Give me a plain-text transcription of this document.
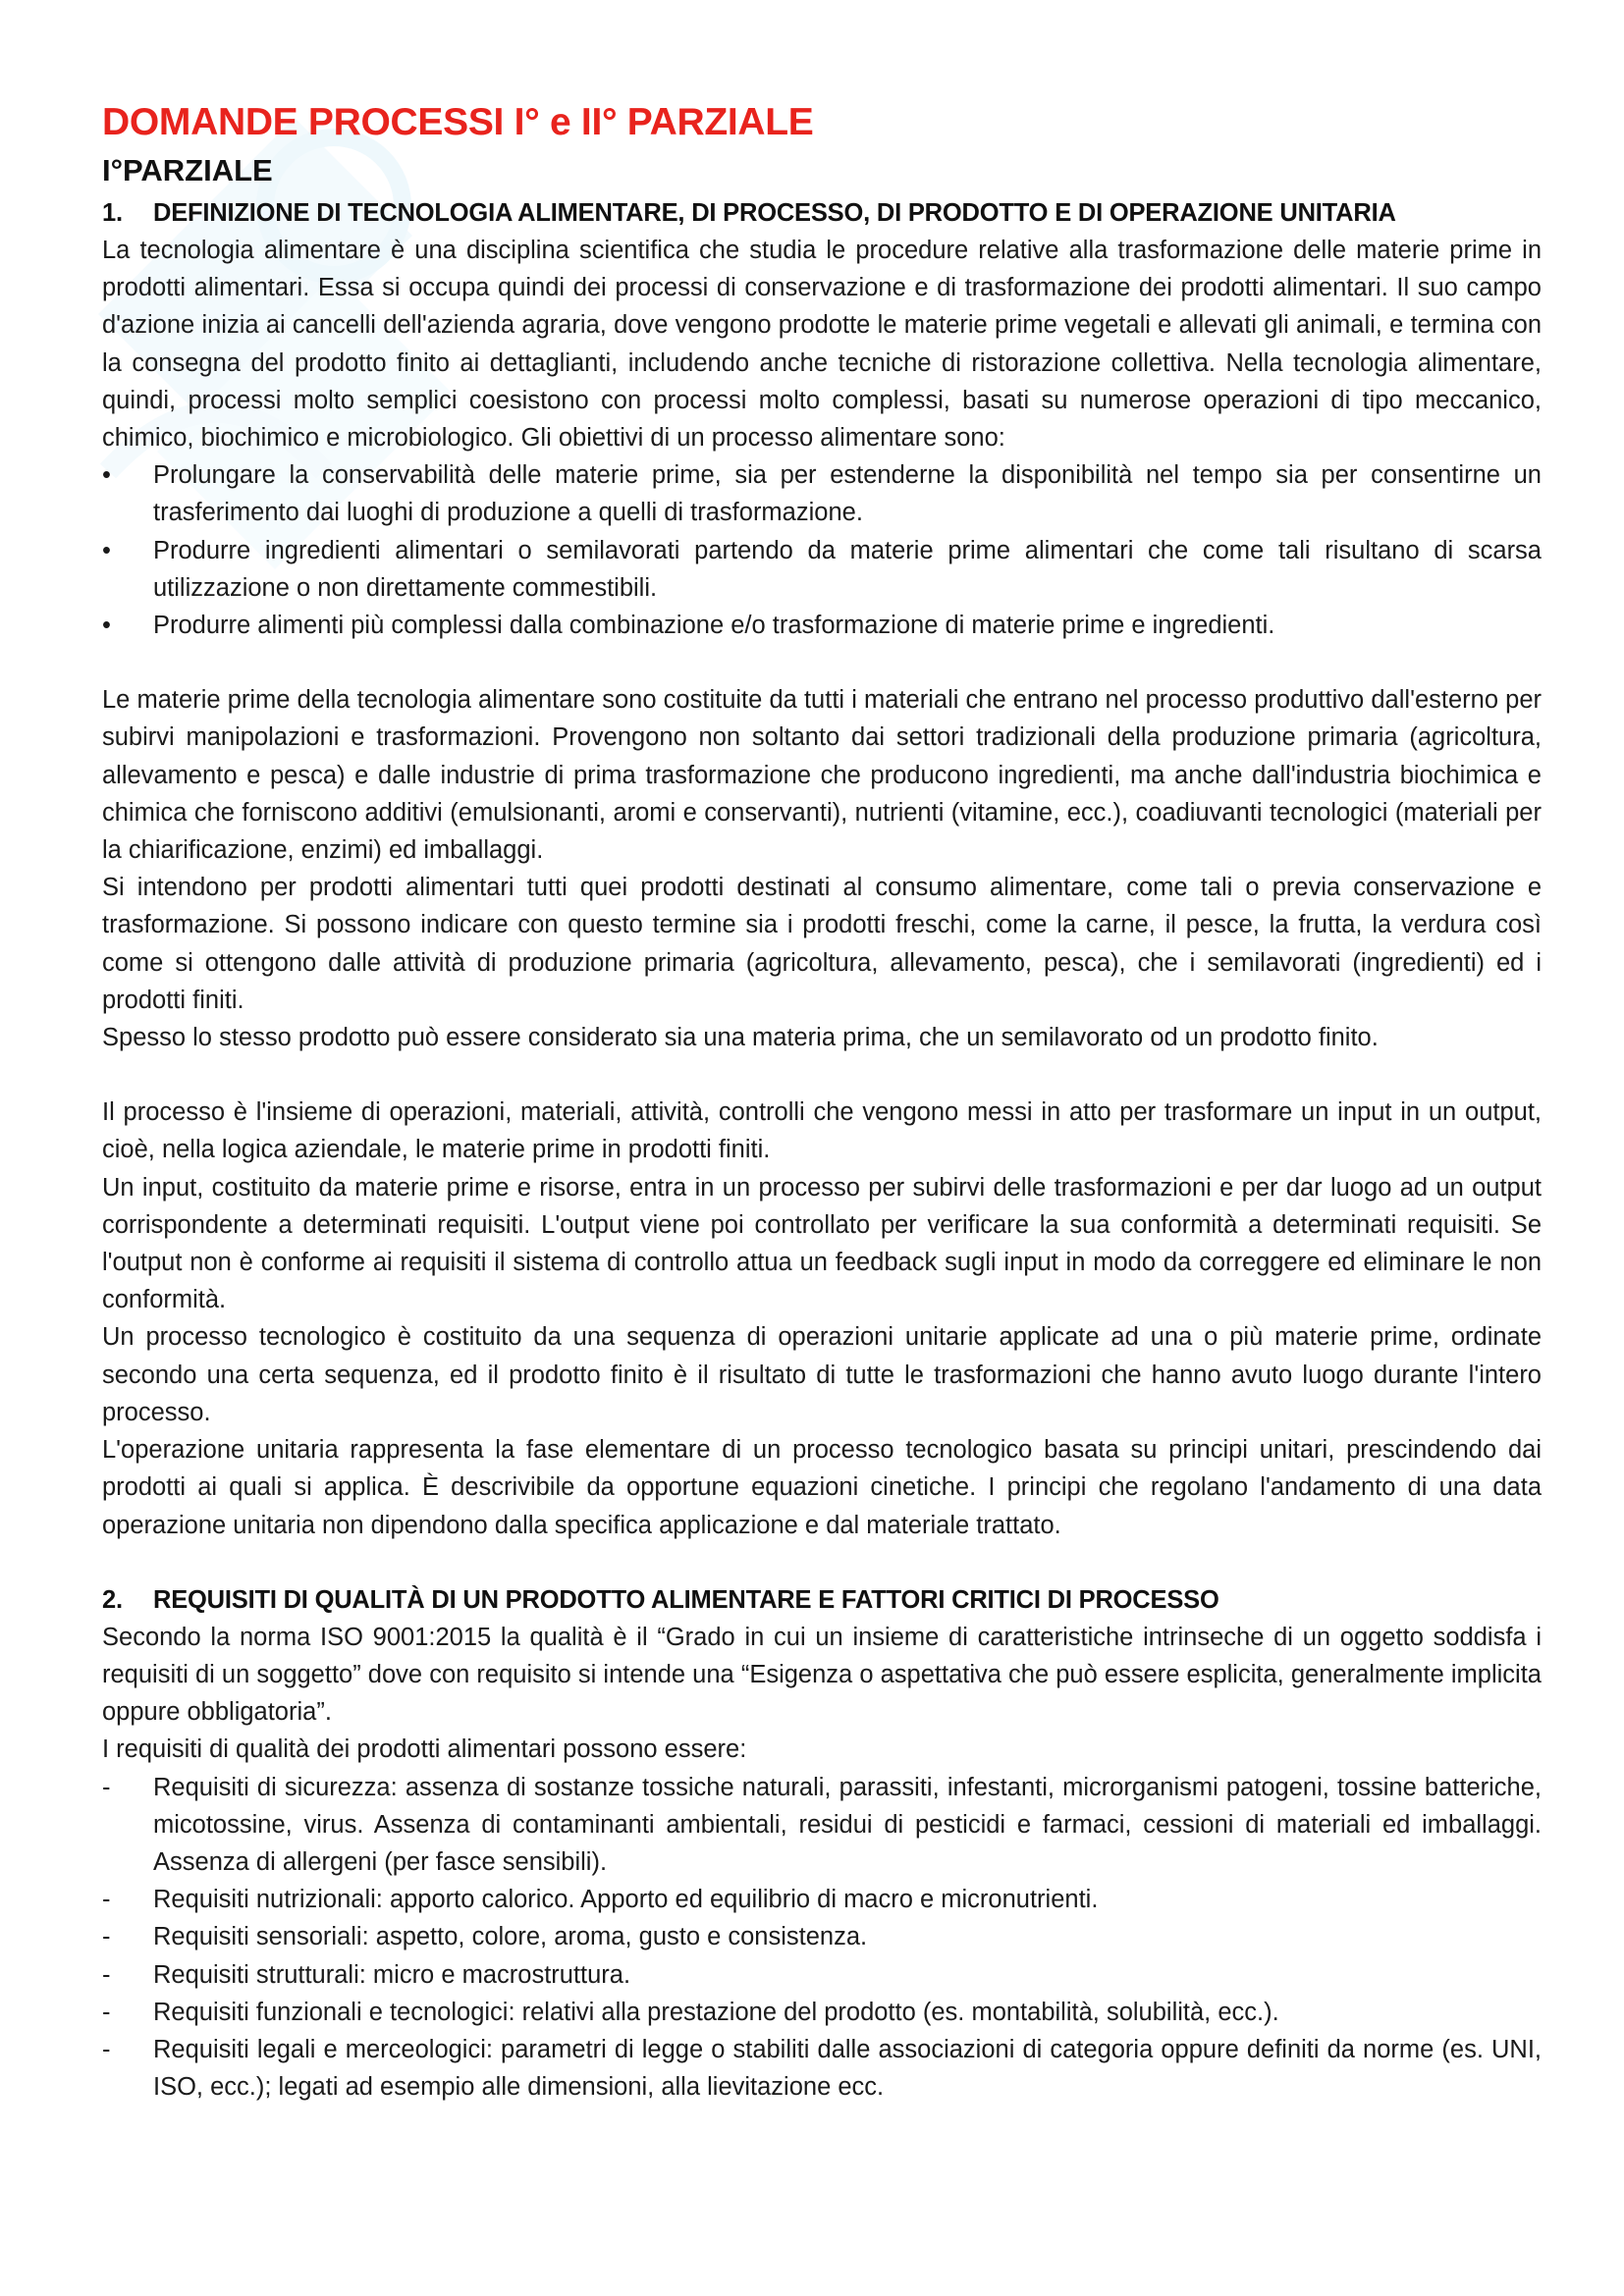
DOMANDE PROCESSI I° e II° PARZIALE
I°PARZIALE
1.	DEFINIZIONE DI TECNOLOGIA ALIMENTARE, DI PROCESSO, DI PRODOTTO E DI OPERAZIONE UNITARIA

La tecnologia alimentare è una disciplina scientifica che studia le procedure relative alla trasformazione delle materie prime in prodotti alimentari. Essa si occupa quindi dei processi di conservazione e di trasformazione dei prodotti alimentari. Il suo campo d'azione inizia ai cancelli dell'azienda agraria, dove vengono prodotte le materie prime vegetali e allevati gli animali, e termina con la consegna del prodotto finito ai dettaglianti, includendo anche tecniche di ristorazione collettiva. Nella tecnologia alimentare, quindi, processi molto semplici coesistono con processi molto complessi, basati su numerose operazioni di tipo meccanico, chimico, biochimico e microbiologico. Gli obiettivi di un processo alimentare sono:

•	Prolungare la conservabilità delle materie prime, sia per estenderne la disponibilità nel tempo sia per consentirne un trasferimento dai luoghi di produzione a quelli di trasformazione.
•	Produrre ingredienti alimentari o semilavorati partendo da materie prime alimentari che come tali risultano di scarsa utilizzazione o non direttamente commestibili.
•	Produrre alimenti più complessi dalla combinazione e/o trasformazione di materie prime e ingredienti.

Le materie prime della tecnologia alimentare sono costituite da tutti i materiali che entrano nel processo produttivo dall'esterno per subirvi manipolazioni e trasformazioni. Provengono non soltanto dai settori tradizionali della produzione primaria (agricoltura, allevamento e pesca) e dalle industrie di prima trasformazione che producono ingredienti, ma anche dall'industria biochimica e chimica che forniscono additivi (emulsionanti, aromi e conservanti), nutrienti (vitamine, ecc.), coadiuvanti tecnologici (materiali per la chiarificazione, enzimi) ed imballaggi.

Si intendono per prodotti alimentari tutti quei prodotti destinati al consumo alimentare, come tali o previa conservazione e trasformazione. Si possono indicare con questo termine sia i prodotti freschi, come la carne, il pesce, la frutta, la verdura così come si ottengono dalle attività di produzione primaria (agricoltura, allevamento, pesca), che i semilavorati (ingredienti) ed i prodotti finiti.

Spesso lo stesso prodotto può essere considerato sia una materia prima, che un semilavorato od un prodotto finito.

Il processo è l'insieme di operazioni, materiali, attività, controlli che vengono messi in atto per trasformare un input in un output, cioè, nella logica aziendale, le materie prime in prodotti finiti.

Un input, costituito da materie prime e risorse, entra in un processo per subirvi delle trasformazioni e per dar luogo ad un output corrispondente a determinati requisiti. L'output viene poi controllato per verificare la sua conformità a determinati requisiti. Se l'output non è conforme ai requisiti il sistema di controllo attua un feedback sugli input in modo da correggere ed eliminare le non conformità.

Un processo tecnologico è costituito da una sequenza di operazioni unitarie applicate ad una o più materie prime, ordinate secondo una certa sequenza, ed il prodotto finito è il risultato di tutte le trasformazioni che hanno avuto luogo durante l'intero processo.

L'operazione unitaria rappresenta la fase elementare di un processo tecnologico basata su principi unitari, prescindendo dai prodotti ai quali si applica. È descrivibile da opportune equazioni cinetiche. I principi che regolano l'andamento di una data operazione unitaria non dipendono dalla specifica applicazione e dal materiale trattato.

2.	REQUISITI DI QUALITÀ DI UN PRODOTTO ALIMENTARE E FATTORI CRITICI DI PROCESSO

Secondo la norma ISO 9001:2015 la qualità è il “Grado in cui un insieme di caratteristiche intrinseche di un oggetto soddisfa i requisiti di un soggetto” dove con requisito si intende una “Esigenza o aspettativa che può essere esplicita, generalmente implicita oppure obbligatoria”.

I requisiti di qualità dei prodotti alimentari possono essere:

-	Requisiti di sicurezza: assenza di sostanze tossiche naturali, parassiti, infestanti, microrganismi patogeni, tossine batteriche, micotossine, virus. Assenza di contaminanti ambientali, residui di pesticidi e farmaci, cessioni di materiali ed imballaggi. Assenza di allergeni (per fasce sensibili).
-	Requisiti nutrizionali: apporto calorico. Apporto ed equilibrio di macro e micronutrienti.
-	Requisiti sensoriali: aspetto, colore, aroma, gusto e consistenza.
-	Requisiti strutturali: micro e macrostruttura.
-	Requisiti funzionali e tecnologici: relativi alla prestazione del prodotto (es. montabilità, solubilità, ecc.).
-	Requisiti legali e merceologici: parametri di legge o stabiliti dalle associazioni di categoria oppure definiti da norme (es. UNI, ISO, ecc.); legati ad esempio alle dimensioni, alla lievitazione ecc.
